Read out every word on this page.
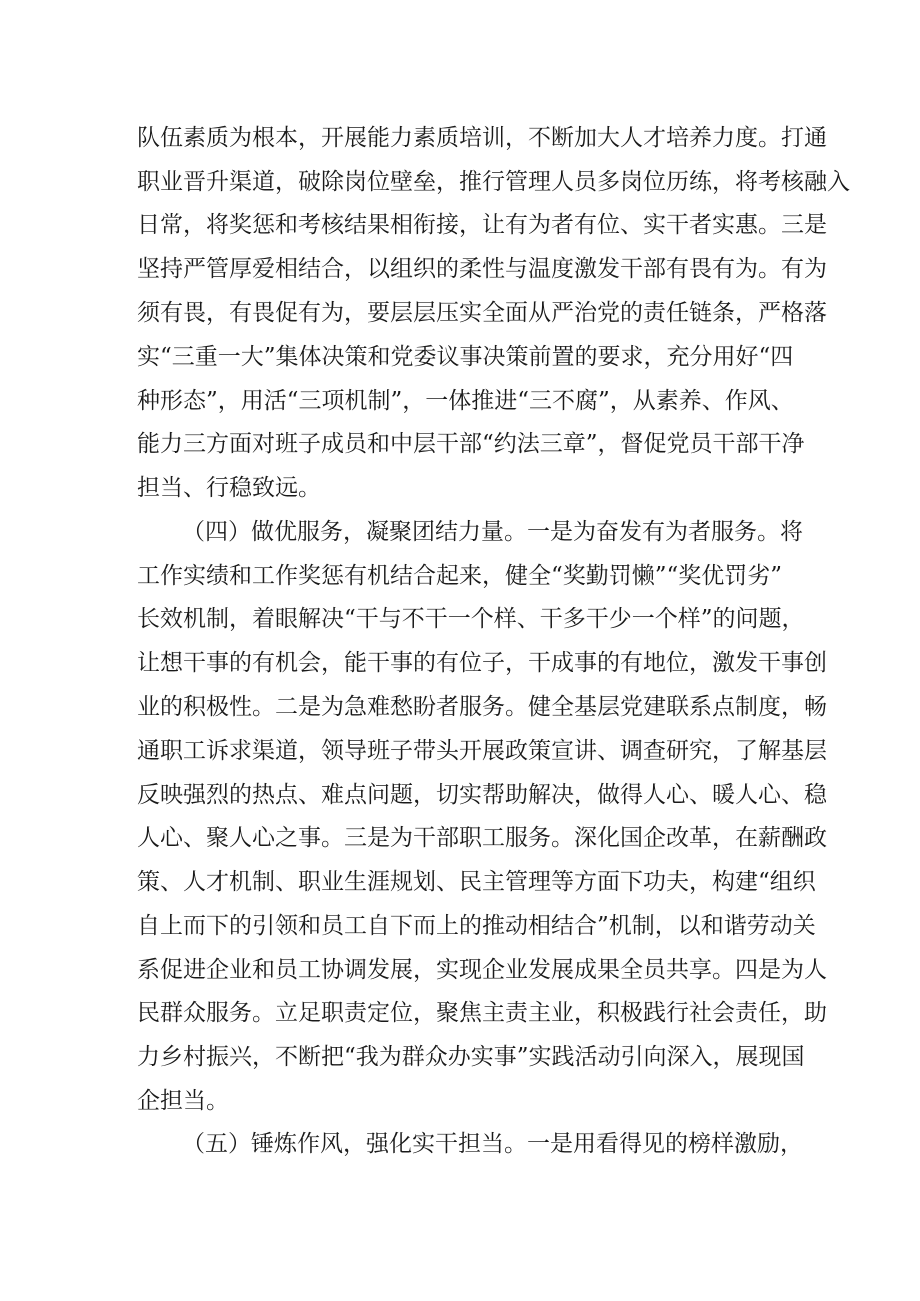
队伍素质为根本，开展能力素质培训，不断加大人才培养力度。打通
职业晋升渠道，破除岗位壁垒，推行管理人员多岗位历练，将考核融入
日常，将奖惩和考核结果相衔接，让有为者有位、实干者实惠。三是
坚持严管厚爱相结合，以组织的柔性与温度激发干部有畏有为。有为
须有畏，有畏促有为，要层层压实全面从严治党的责任链条，严格落
实“三重一大”集体决策和党委议事决策前置的要求，充分用好“四
种形态”，用活“三项机制”，一体推进“三不腐”，从素养、作风、
能力三方面对班子成员和中层干部“约法三章”，督促党员干部干净
担当、行稳致远。
（四）做优服务，凝聚团结力量。一是为奋发有为者服务。将
工作实绩和工作奖惩有机结合起来，健全“奖勤罚懒”“奖优罚劣”
长效机制，着眼解决“干与不干一个样、干多干少一个样”的问题，
让想干事的有机会，能干事的有位子，干成事的有地位，激发干事创
业的积极性。二是为急难愁盼者服务。健全基层党建联系点制度，畅
通职工诉求渠道，领导班子带头开展政策宣讲、调查研究，了解基层
反映强烈的热点、难点问题，切实帮助解决，做得人心、暖人心、稳
人心、聚人心之事。三是为干部职工服务。深化国企改革，在薪酬政
策、人才机制、职业生涯规划、民主管理等方面下功夫，构建“组织
自上而下的引领和员工自下而上的推动相结合”机制，以和谐劳动关
系促进企业和员工协调发展，实现企业发展成果全员共享。四是为人
民群众服务。立足职责定位，聚焦主责主业，积极践行社会责任，助
力乡村振兴，不断把“我为群众办实事”实践活动引向深入，展现国
企担当。
（五）锤炼作风，强化实干担当。一是用看得见的榜样激励，
